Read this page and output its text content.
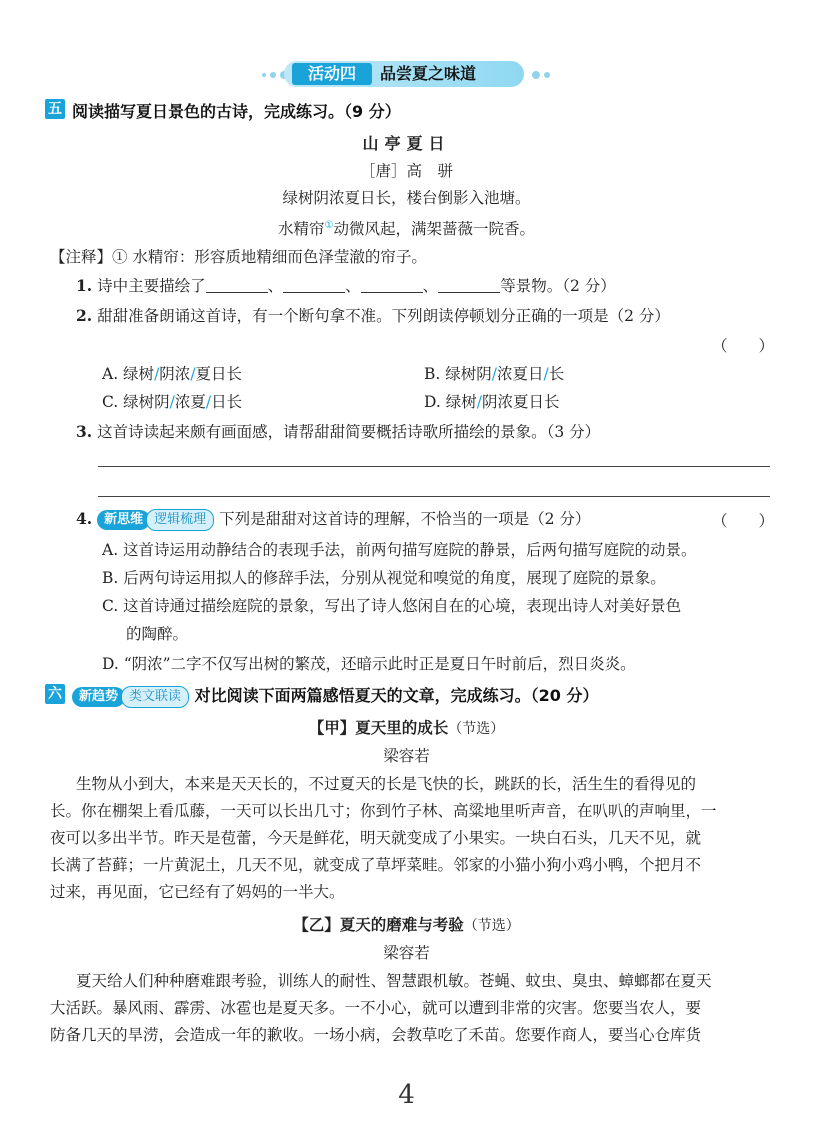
活动四	品尝夏之味道
五 阅读描写夏日景色的古诗，完成练习。（9 分）
山亭夏日
［唐］高　骈
绿树阴浓夏日长，楼台倒影入池塘。
水精帘①动微风起，满架蔷薇一院香。
【注释】① 水精帘：形容质地精细而色泽莹澈的帘子。
1. 诗中主要描绘了	、	、	、	等景物。（2 分）
2. 甜甜准备朗诵这首诗，有一个断句拿不准。下列朗读停顿划分正确的一项是（2 分）
（　　）
A. 绿树/阴浓/夏日长	B. 绿树阴/浓夏日/长
C. 绿树阴/浓夏/日长	D. 绿树/阴浓夏日长
3. 这首诗读起来颇有画面感，请帮甜甜简要概括诗歌所描绘的景象。（3 分）
4. 新思维 逻辑梳理 下列是甜甜对这首诗的理解，不恰当的一项是（2 分）	（　　）
A. 这首诗运用动静结合的表现手法，前两句描写庭院的静景，后两句描写庭院的动景。
B. 后两句诗运用拟人的修辞手法，分别从视觉和嗅觉的角度，展现了庭院的景象。
C. 这首诗通过描绘庭院的景象，写出了诗人悠闲自在的心境，表现出诗人对美好景色
的陶醉。
D. “阴浓”二字不仅写出树的繁茂，还暗示此时正是夏日午时前后，烈日炎炎。
六	新趋势 类文联读 对比阅读下面两篇感悟夏天的文章，完成练习。（20 分）
【甲】夏天里的成长（节选）
梁容若
生物从小到大，本来是天天长的，不过夏天的长是飞快的长，跳跃的长，活生生的看得见的
长。你在棚架上看瓜藤，一天可以长出几寸；你到竹子林、高粱地里听声音，在叭叭的声响里，一
夜可以多出半节。昨天是苞蕾，今天是鲜花，明天就变成了小果实。一块白石头，几天不见，就
长满了苔藓；一片黄泥土，几天不见，就变成了草坪菜畦。邻家的小猫小狗小鸡小鸭，个把月不
过来，再见面，它已经有了妈妈的一半大。
【乙】夏天的磨难与考验（节选）
梁容若
夏天给人们种种磨难跟考验，训练人的耐性、智慧跟机敏。苍蝇、蚊虫、臭虫、蟑螂都在夏天
大活跃。暴风雨、霹雳、冰雹也是夏天多。一不小心，就可以遭到非常的灾害。您要当农人，要
防备几天的旱涝，会造成一年的歉收。一场小病，会教草吃了禾苗。您要作商人，要当心仓库货
4
